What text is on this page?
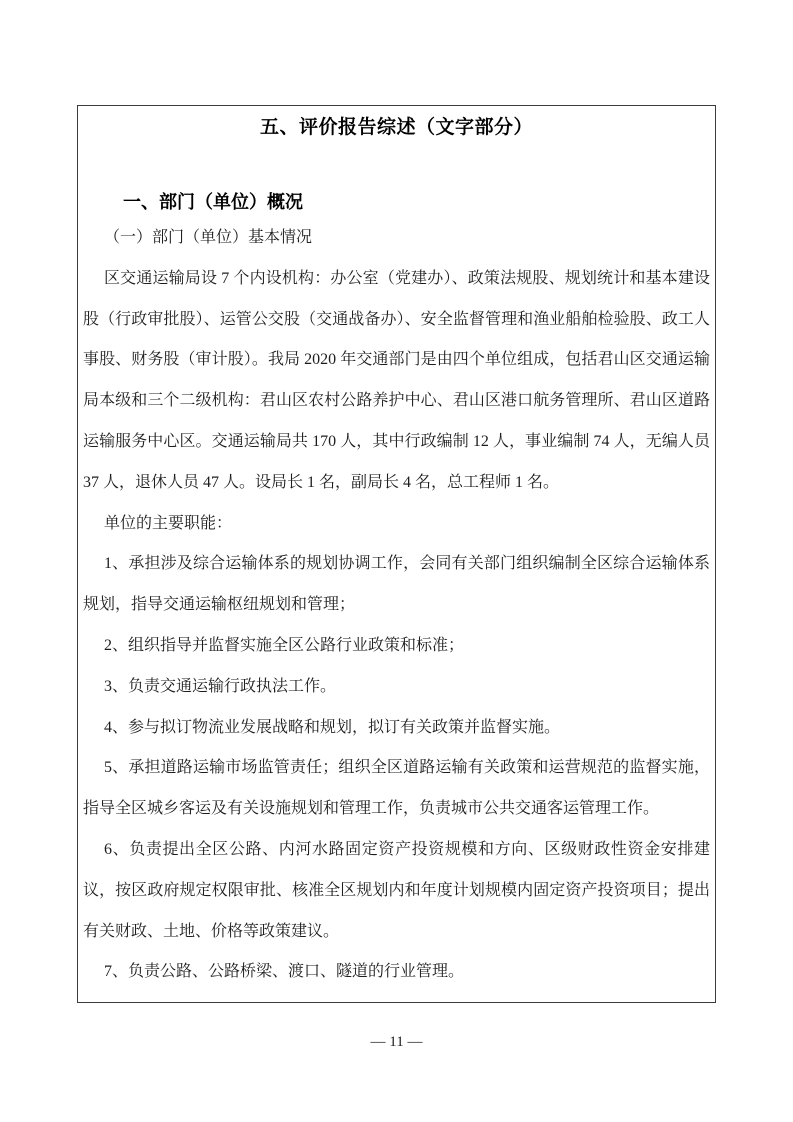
五、评价报告综述（文字部分）
一、部门（单位）概况

（一）部门（单位）基本情况

区交通运输局设 7 个内设机构：办公室（党建办）、政策法规股、规划统计和基本建设股（行政审批股）、运管公交股（交通战备办）、安全监督管理和渔业船舶检验股、政工人事股、财务股（审计股）。我局 2020 年交通部门是由四个单位组成，包括君山区交通运输局本级和三个二级机构：君山区农村公路养护中心、君山区港口航务管理所、君山区道路运输服务中心区。交通运输局共 170 人，其中行政编制 12 人，事业编制 74 人，无编人员 37 人，退休人员 47 人。设局长 1 名，副局长 4 名，总工程师 1 名。

单位的主要职能：

1、承担涉及综合运输体系的规划协调工作，会同有关部门组织编制全区综合运输体系规划，指导交通运输枢纽规划和管理；

2、组织指导并监督实施全区公路行业政策和标准；

3、负责交通运输行政执法工作。

4、参与拟订物流业发展战略和规划，拟订有关政策并监督实施。

5、承担道路运输市场监管责任；组织全区道路运输有关政策和运营规范的监督实施，指导全区城乡客运及有关设施规划和管理工作，负责城市公共交通客运管理工作。

6、负责提出全区公路、内河水路固定资产投资规模和方向、区级财政性资金安排建议，按区政府规定权限审批、核准全区规划内和年度计划规模内固定资产投资项目；提出有关财政、土地、价格等政策建议。

7、负责公路、公路桥梁、渡口、隧道的行业管理。

— 11 —
